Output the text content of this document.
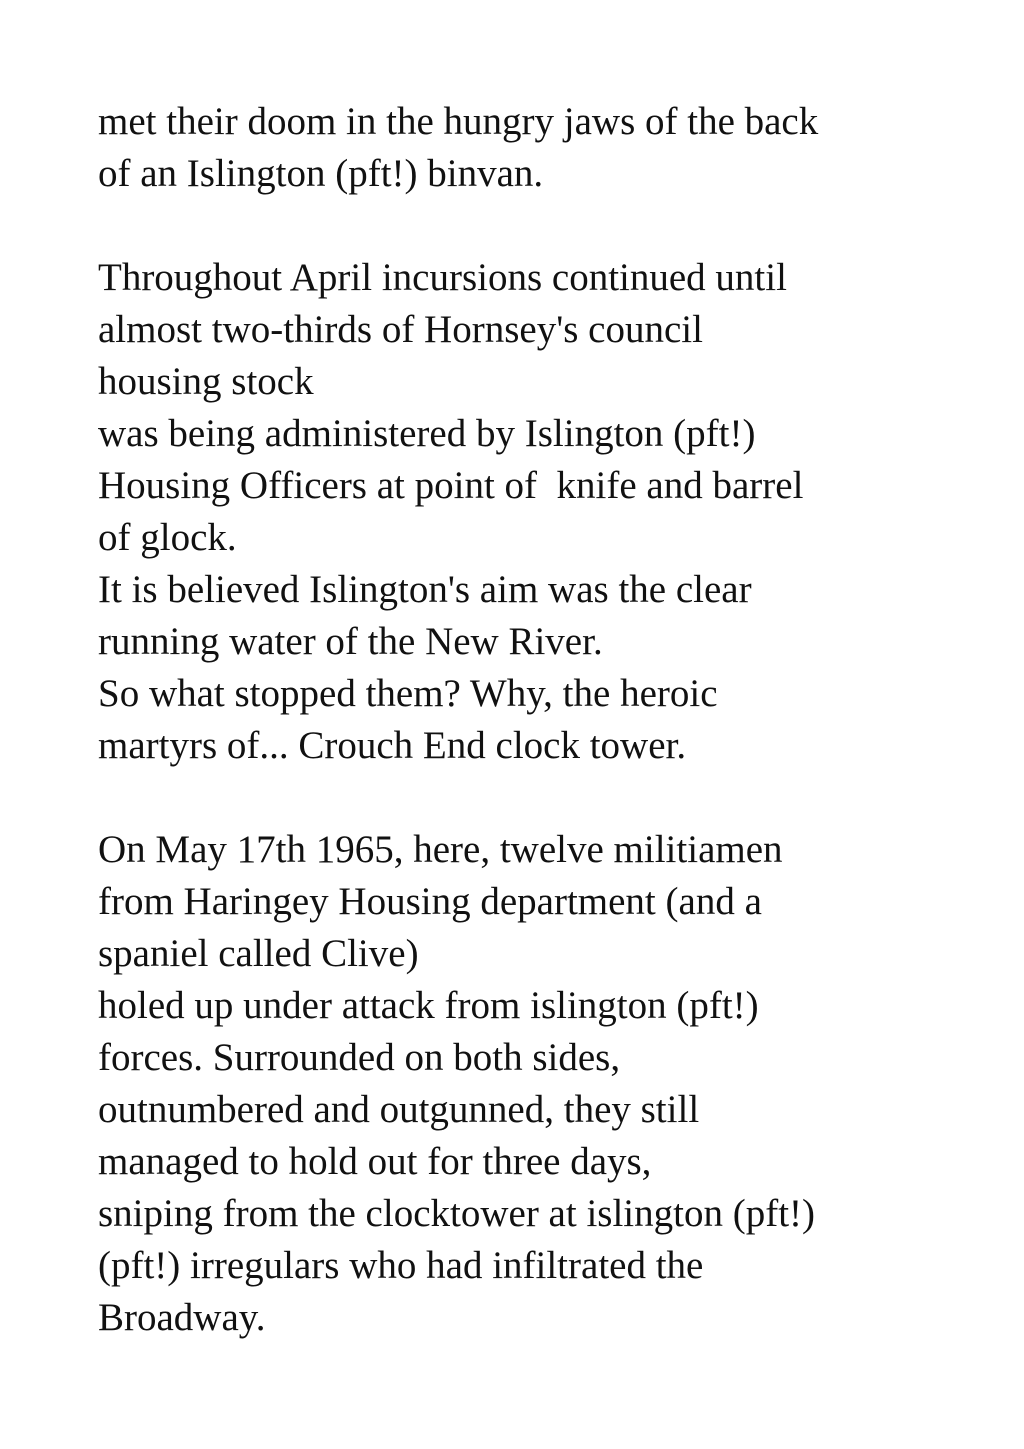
met their doom in the hungry jaws of the back
of an Islington (pft!) binvan.
Throughout April incursions continued until
almost two-thirds of Hornsey's council
housing stock
was being administered by Islington (pft!)
Housing Officers at point of  knife and barrel
of glock.
It is believed Islington's aim was the clear
running water of the New River.
So what stopped them? Why, the heroic
martyrs of... Crouch End clock tower.
On May 17th 1965, here, twelve militiamen
from Haringey Housing department (and a
spaniel called Clive)
holed up under attack from islington (pft!)
forces. Surrounded on both sides,
outnumbered and outgunned, they still
managed to hold out for three days,
sniping from the clocktower at islington (pft!)
(pft!) irregulars who had infiltrated the
Broadway.
